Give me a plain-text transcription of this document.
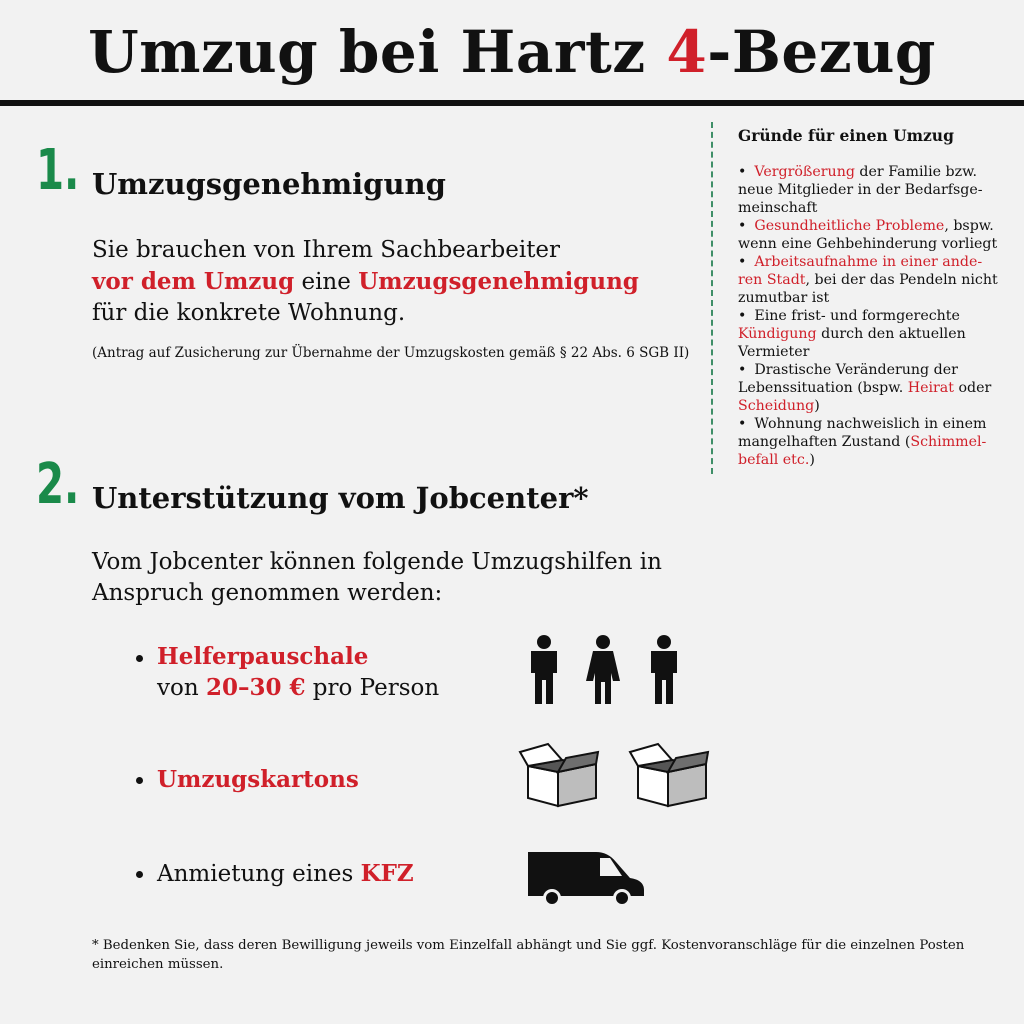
Umzug bei Hartz 4-Bezug
1. Umzugsgenehmigung
Sie brauchen von Ihrem Sachbearbeiter
vor dem Umzug eine Umzugsgenehmigung
für die konkrete Wohnung.
(Antrag auf Zusicherung zur Übernahme der Umzugskosten gemäß § 22 Abs. 6 SGB II)
Gründe für einen Umzug
• Vergrößerung der Familie bzw. neue Mitglieder in der Bedarfsge-meinschaft
• Gesundheitliche Probleme, bspw. wenn eine Gehbehinderung vorliegt
• Arbeitsaufnahme in einer ande-ren Stadt, bei der das Pendeln nicht zumutbar ist
• Eine frist- und formgerechte Kündigung durch den aktuellen Vermieter
• Drastische Veränderung der Lebenssituation (bspw. Heirat oder Scheidung)
• Wohnung nachweislich in einem mangelhaften Zustand (Schimmel-befall etc.)
2. Unterstützung vom Jobcenter*
Vom Jobcenter können folgende Umzugshilfen in
Anspruch genommen werden:
Helferpauschale
von 20–30 € pro Person
Umzugskartons
Anmietung eines KFZ
* Bedenken Sie, dass deren Bewilligung jeweils vom Einzelfall abhängt und Sie ggf. Kostenvoranschläge für die einzelnen Posten einreichen müssen.
